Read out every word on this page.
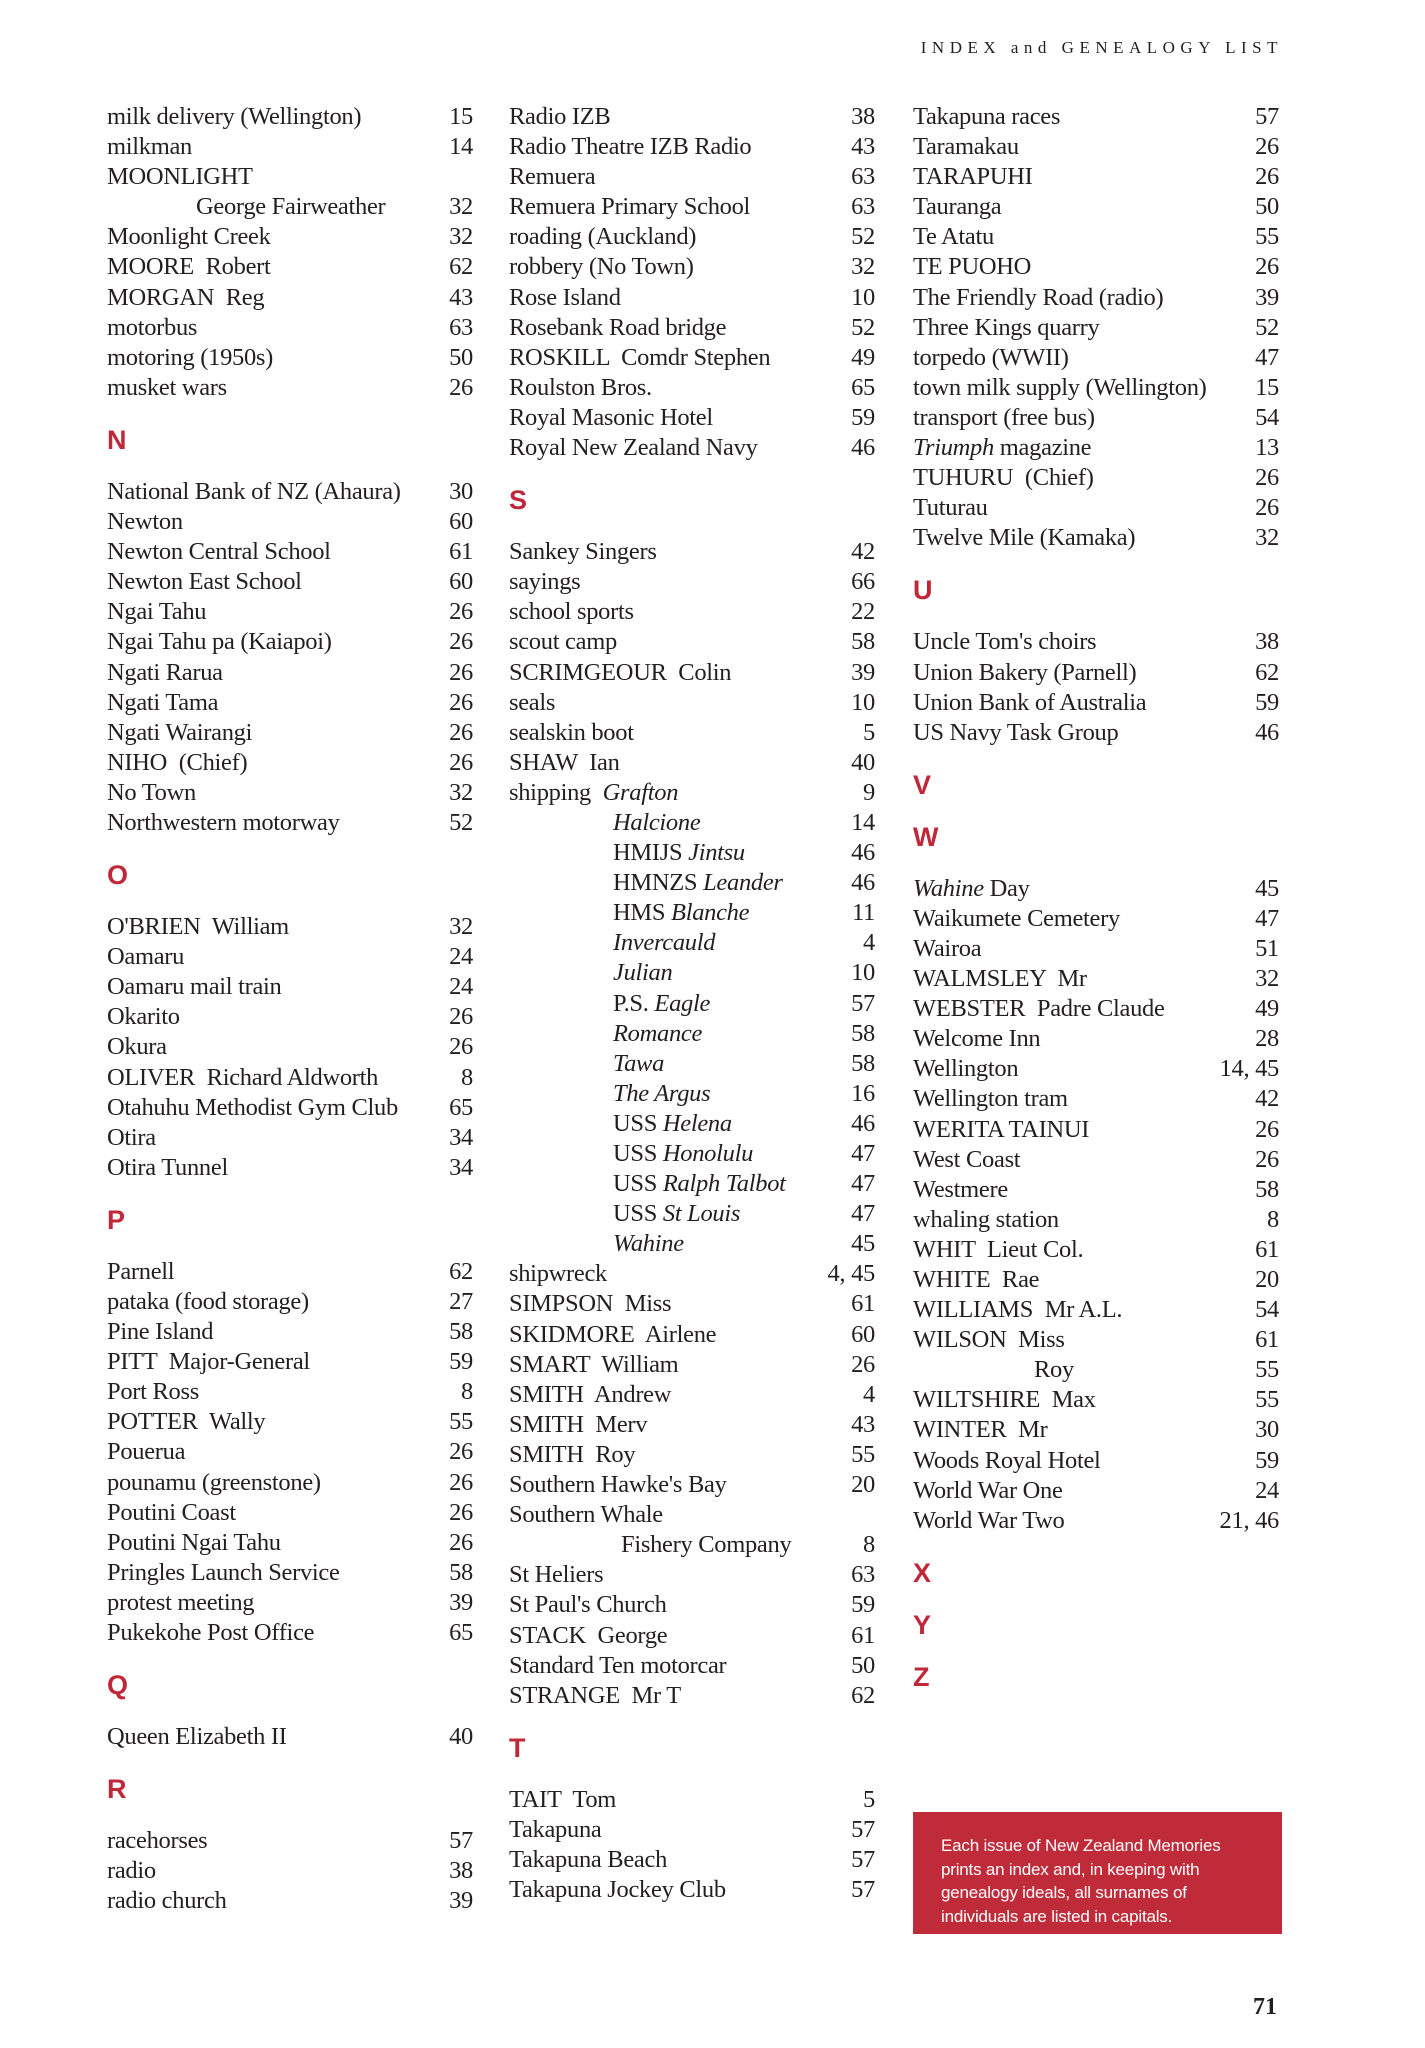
INDEX and GENEALOGY LIST
milk delivery (Wellington)	15
milkman	14
MOONLIGHT
George Fairweather	32
Moonlight Creek	32
MOORE  Robert	62
MORGAN  Reg	43
motorbus	63
motoring (1950s)	50
musket wars	26
N
National Bank of NZ (Ahaura) 30
Newton	60
Newton Central School	61
Newton East School	60
Ngai Tahu	26
Ngai Tahu pa (Kaiapoi)	26
Ngati Rarua	26
Ngati Tama	26
Ngati Wairangi	26
NIHO  (Chief)	26
No Town	32
Northwestern motorway	52
O
O'BRIEN  William	32
Oamaru	24
Oamaru mail train	24
Okarito	26
Okura	26
OLIVER  Richard Aldworth	8
Otahuhu Methodist Gym Club 65
Otira	34
Otira Tunnel	34
P
Parnell	62
pataka (food storage)	27
Pine Island	58
PITT  Major-General	59
Port Ross	8
POTTER  Wally	55
Pouerua	26
pounamu (greenstone)	26
Poutini Coast	26
Poutini Ngai Tahu	26
Pringles Launch Service	58
protest meeting	39
Pukekohe Post Office	65
Q
Queen Elizabeth II	40
R
racehorses	57
radio	38
radio church	39
Radio IZB	38
Radio Theatre IZB Radio	43
Remuera	63
Remuera Primary School	63
roading (Auckland)	52
robbery (No Town)	32
Rose Island	10
Rosebank Road bridge	52
ROSKILL  Comdr Stephen	49
Roulston Bros.	65
Royal Masonic Hotel	59
Royal New Zealand Navy	46
S
Sankey Singers	42
sayings	66
school sports	22
scout camp	58
SCRIMGEOUR  Colin	39
seals	10
sealskin boot	5
SHAW  Ian	40
shipping  Grafton	9
Halcione	14
HMIJS Jintsu	46
HMNZS Leander	46
HMS Blanche	11
Invercauld	4
Julian	10
P.S. Eagle	57
Romance	58
Tawa	58
The Argus	16
USS Helena	46
USS Honolulu	47
USS Ralph Talbot	47
USS St Louis	47
Wahine	45
shipwreck	4, 45
SIMPSON  Miss	61
SKIDMORE  Airlene	60
SMART  William	26
SMITH  Andrew	4
SMITH  Merv	43
SMITH  Roy	55
Southern Hawke's Bay	20
Southern Whale
Fishery Company	8
St Heliers	63
St Paul's Church	59
STACK  George	61
Standard Ten motorcar	50
STRANGE  Mr T	62
T
TAIT  Tom	5
Takapuna	57
Takapuna Beach	57
Takapuna Jockey Club	57
Takapuna races	57
Taramakau	26
TARAPUHI	26
Tauranga	50
Te Atatu	55
TE PUOHO	26
The Friendly Road (radio)	39
Three Kings quarry	52
torpedo (WWII)	47
town milk supply (Wellington) 15
transport (free bus)	54
Triumph magazine	13
TUHURU  (Chief)	26
Tuturau	26
Twelve Mile (Kamaka)	32
U
Uncle Tom's choirs	38
Union Bakery (Parnell)	62
Union Bank of Australia	59
US Navy Task Group	46
V
W
Wahine Day	45
Waikumete Cemetery	47
Wairoa	51
WALMSLEY  Mr	32
WEBSTER  Padre Claude	49
Welcome Inn	28
Wellington	14, 45
Wellington tram	42
WERITA TAINUI	26
West Coast	26
Westmere	58
whaling station	8
WHIT  Lieut Col.	61
WHITE  Rae	20
WILLIAMS  Mr A.L.	54
WILSON  Miss	61
Roy	55
WILTSHIRE  Max	55
WINTER  Mr	30
Woods Royal Hotel	59
World War One	24
World War Two	21, 46
X
Y
Z
Each issue of New Zealand Memories prints an index and, in keeping with genealogy ideals, all surnames of individuals are listed in capitals.
71
